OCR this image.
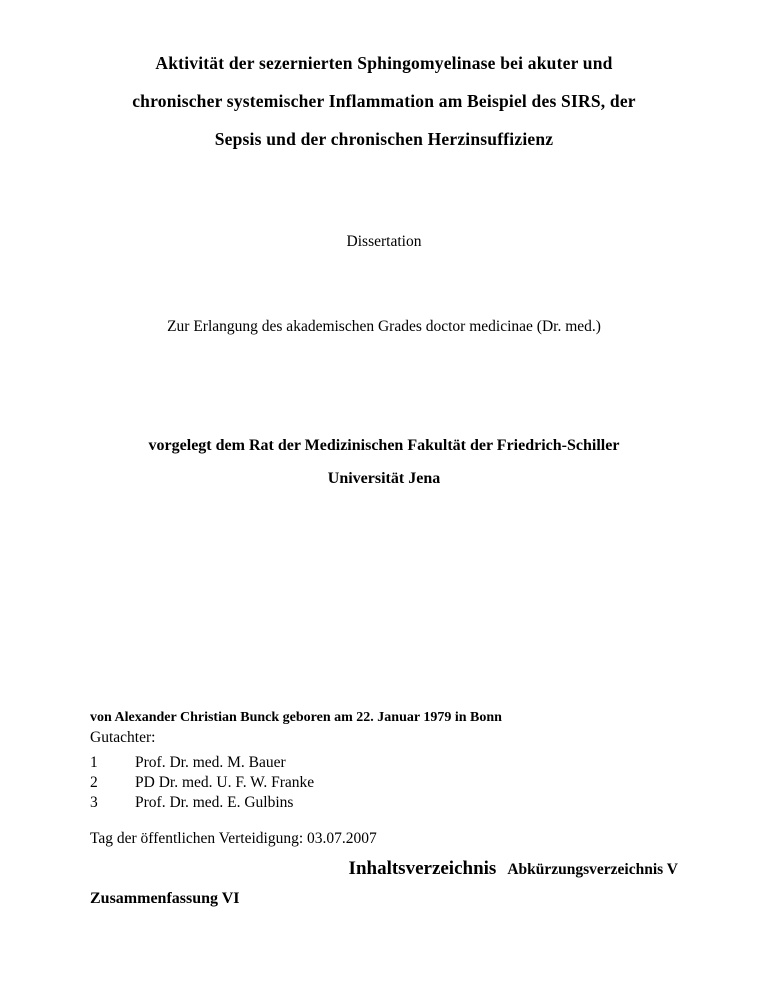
Aktivität der sezernierten Sphingomyelinase bei akuter und
chronischer systemischer Inflammation am Beispiel des SIRS, der
Sepsis und der chronischen Herzinsuffizienz
Dissertation
Zur Erlangung des akademischen Grades doctor medicinae (Dr. med.)
vorgelegt dem Rat der Medizinischen Fakultät der Friedrich-Schiller
Universität Jena
von Alexander Christian Bunck geboren am 22. Januar 1979 in Bonn
Gutachter:
1	Prof. Dr. med. M. Bauer
2	PD Dr. med. U. F. W. Franke
3	Prof. Dr. med. E. Gulbins
Tag der öffentlichen Verteidigung: 03.07.2007
Inhaltsverzeichnis Abkürzungsverzeichnis V
Zusammenfassung VI
